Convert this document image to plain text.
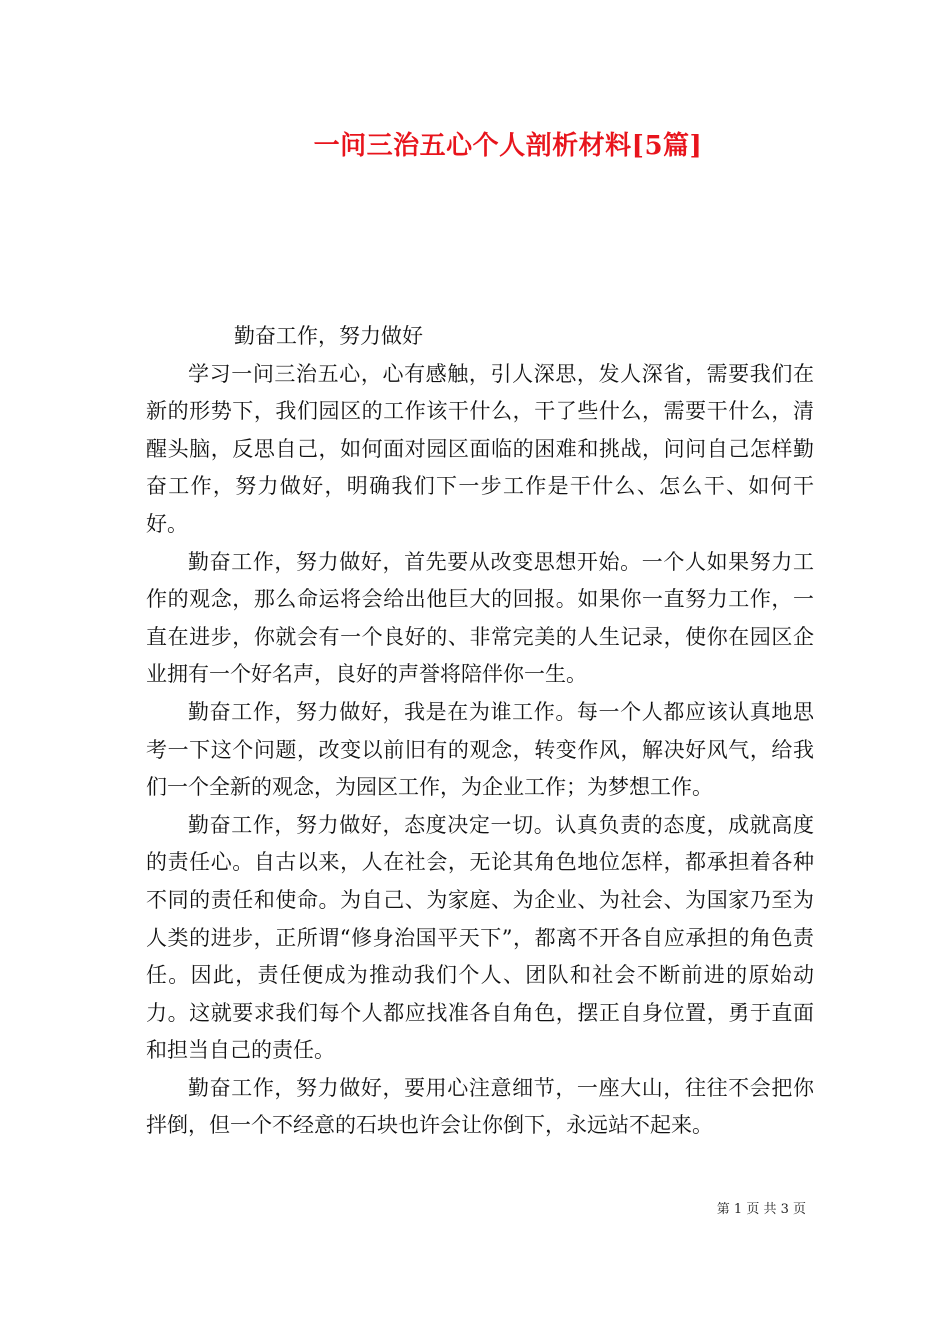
一问三治五心个人剖析材料[5篇]

勤奋工作，努力做好

学习一问三治五心，心有感触，引人深思，发人深省，需要我们在新的形势下，我们园区的工作该干什么，干了些什么，需要干什么，清醒头脑，反思自己，如何面对园区面临的困难和挑战，问问自己怎样勤奋工作，努力做好，明确我们下一步工作是干什么、怎么干、如何干好。

勤奋工作，努力做好，首先要从改变思想开始。一个人如果努力工作的观念，那么命运将会给出他巨大的回报。如果你一直努力工作，一直在进步，你就会有一个良好的、非常完美的人生记录，使你在园区企业拥有一个好名声，良好的声誉将陪伴你一生。

勤奋工作，努力做好，我是在为谁工作。每一个人都应该认真地思考一下这个问题，改变以前旧有的观念，转变作风，解决好风气，给我们一个全新的观念，为园区工作，为企业工作；为梦想工作。

勤奋工作，努力做好，态度决定一切。认真负责的态度，成就高度的责任心。自古以来，人在社会，无论其角色地位怎样，都承担着各种不同的责任和使命。为自己、为家庭、为企业、为社会、为国家乃至为人类的进步，正所谓“修身治国平天下”，都离不开各自应承担的角色责任。因此，责任便成为推动我们个人、团队和社会不断前进的原始动力。这就要求我们每个人都应找准各自角色，摆正自身位置，勇于直面和担当自己的责任。

勤奋工作，努力做好，要用心注意细节，一座大山，往往不会把你拌倒，但一个不经意的石块也许会让你倒下，永远站不起来。

第 1 页 共 3 页
